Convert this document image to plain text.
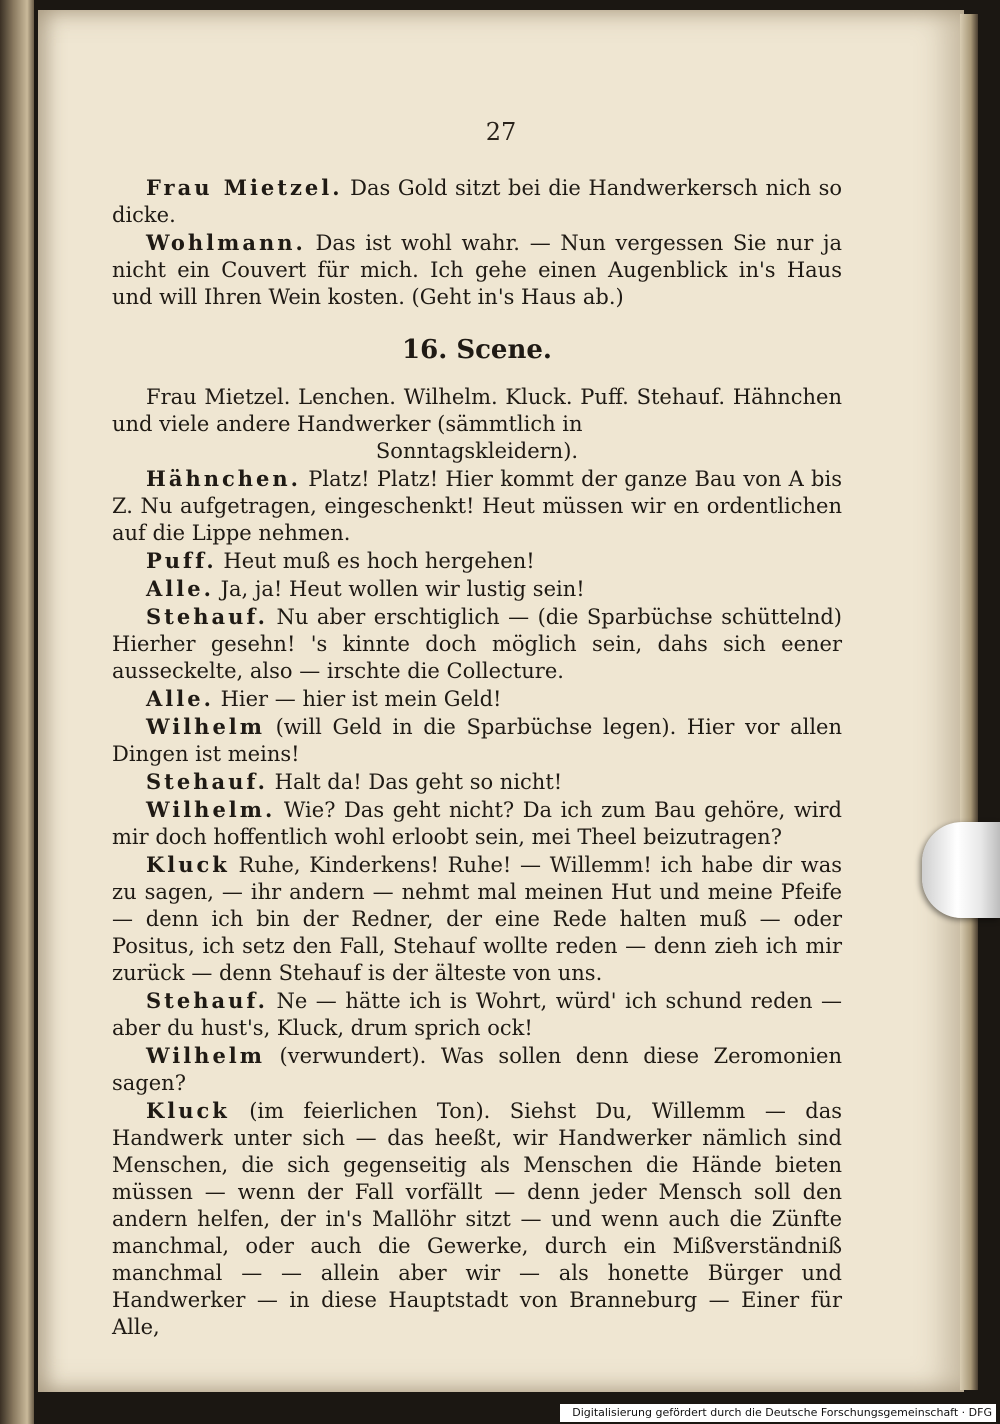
27

Frau Mietzel. Das Gold sitzt bei die Handwerkersch nich so dicke.

Wohlmann. Das ist wohl wahr. — Nun vergessen Sie nur ja nicht ein Couvert für mich. Ich gehe einen Augenblick in's Haus und will Ihren Wein kosten. (Geht in's Haus ab.)

16. Scene.

Frau Mietzel. Lenchen. Wilhelm. Kluck. Puff. Stehauf. Hähnchen und viele andere Handwerker (sämmtlich in

Sonntagskleidern).

Hähnchen. Platz! Platz! Hier kommt der ganze Bau von A bis Z. Nu aufgetragen, eingeschenkt! Heut müssen wir en ordentlichen auf die Lippe nehmen.

Puff. Heut muß es hoch hergehen!

Alle. Ja, ja! Heut wollen wir lustig sein!

Stehauf. Nu aber erschtiglich — (die Sparbüchse schüttelnd) Hierher gesehn! 's kinnte doch möglich sein, dahs sich eener ausseckelte, also — irschte die Collecture.

Alle. Hier — hier ist mein Geld!

Wilhelm (will Geld in die Sparbüchse legen). Hier vor allen Dingen ist meins!

Stehauf. Halt da! Das geht so nicht!

Wilhelm. Wie? Das geht nicht? Da ich zum Bau gehöre, wird mir doch hoffentlich wohl erloobt sein, mei Theel beizutragen?

Kluck Ruhe, Kinderkens! Ruhe! — Willemm! ich habe dir was zu sagen, — ihr andern — nehmt mal meinen Hut und meine Pfeife — denn ich bin der Redner, der eine Rede halten muß — oder Positus, ich setz den Fall, Stehauf wollte reden — denn zieh ich mir zurück — denn Stehauf is der älteste von uns.

Stehauf. Ne — hätte ich is Wohrt, würd' ich schund reden — aber du hust's, Kluck, drum sprich ock!

Wilhelm (verwundert). Was sollen denn diese Zeromonien sagen?

Kluck (im feierlichen Ton). Siehst Du, Willemm — das Handwerk unter sich — das heeßt, wir Handwerker nämlich sind Menschen, die sich gegenseitig als Menschen die Hände bieten müssen — wenn der Fall vorfällt — denn jeder Mensch soll den andern helfen, der in's Mallöhr sitzt — und wenn auch die Zünfte manchmal, oder auch die Gewerke, durch ein Mißverständniß manchmal — — allein aber wir — als honette Bürger und Handwerker — in diese Hauptstadt von Branneburg — Einer für Alle,

Digitalisierung gefördert durch die Deutsche Forschungsgemeinschaft · DFG
